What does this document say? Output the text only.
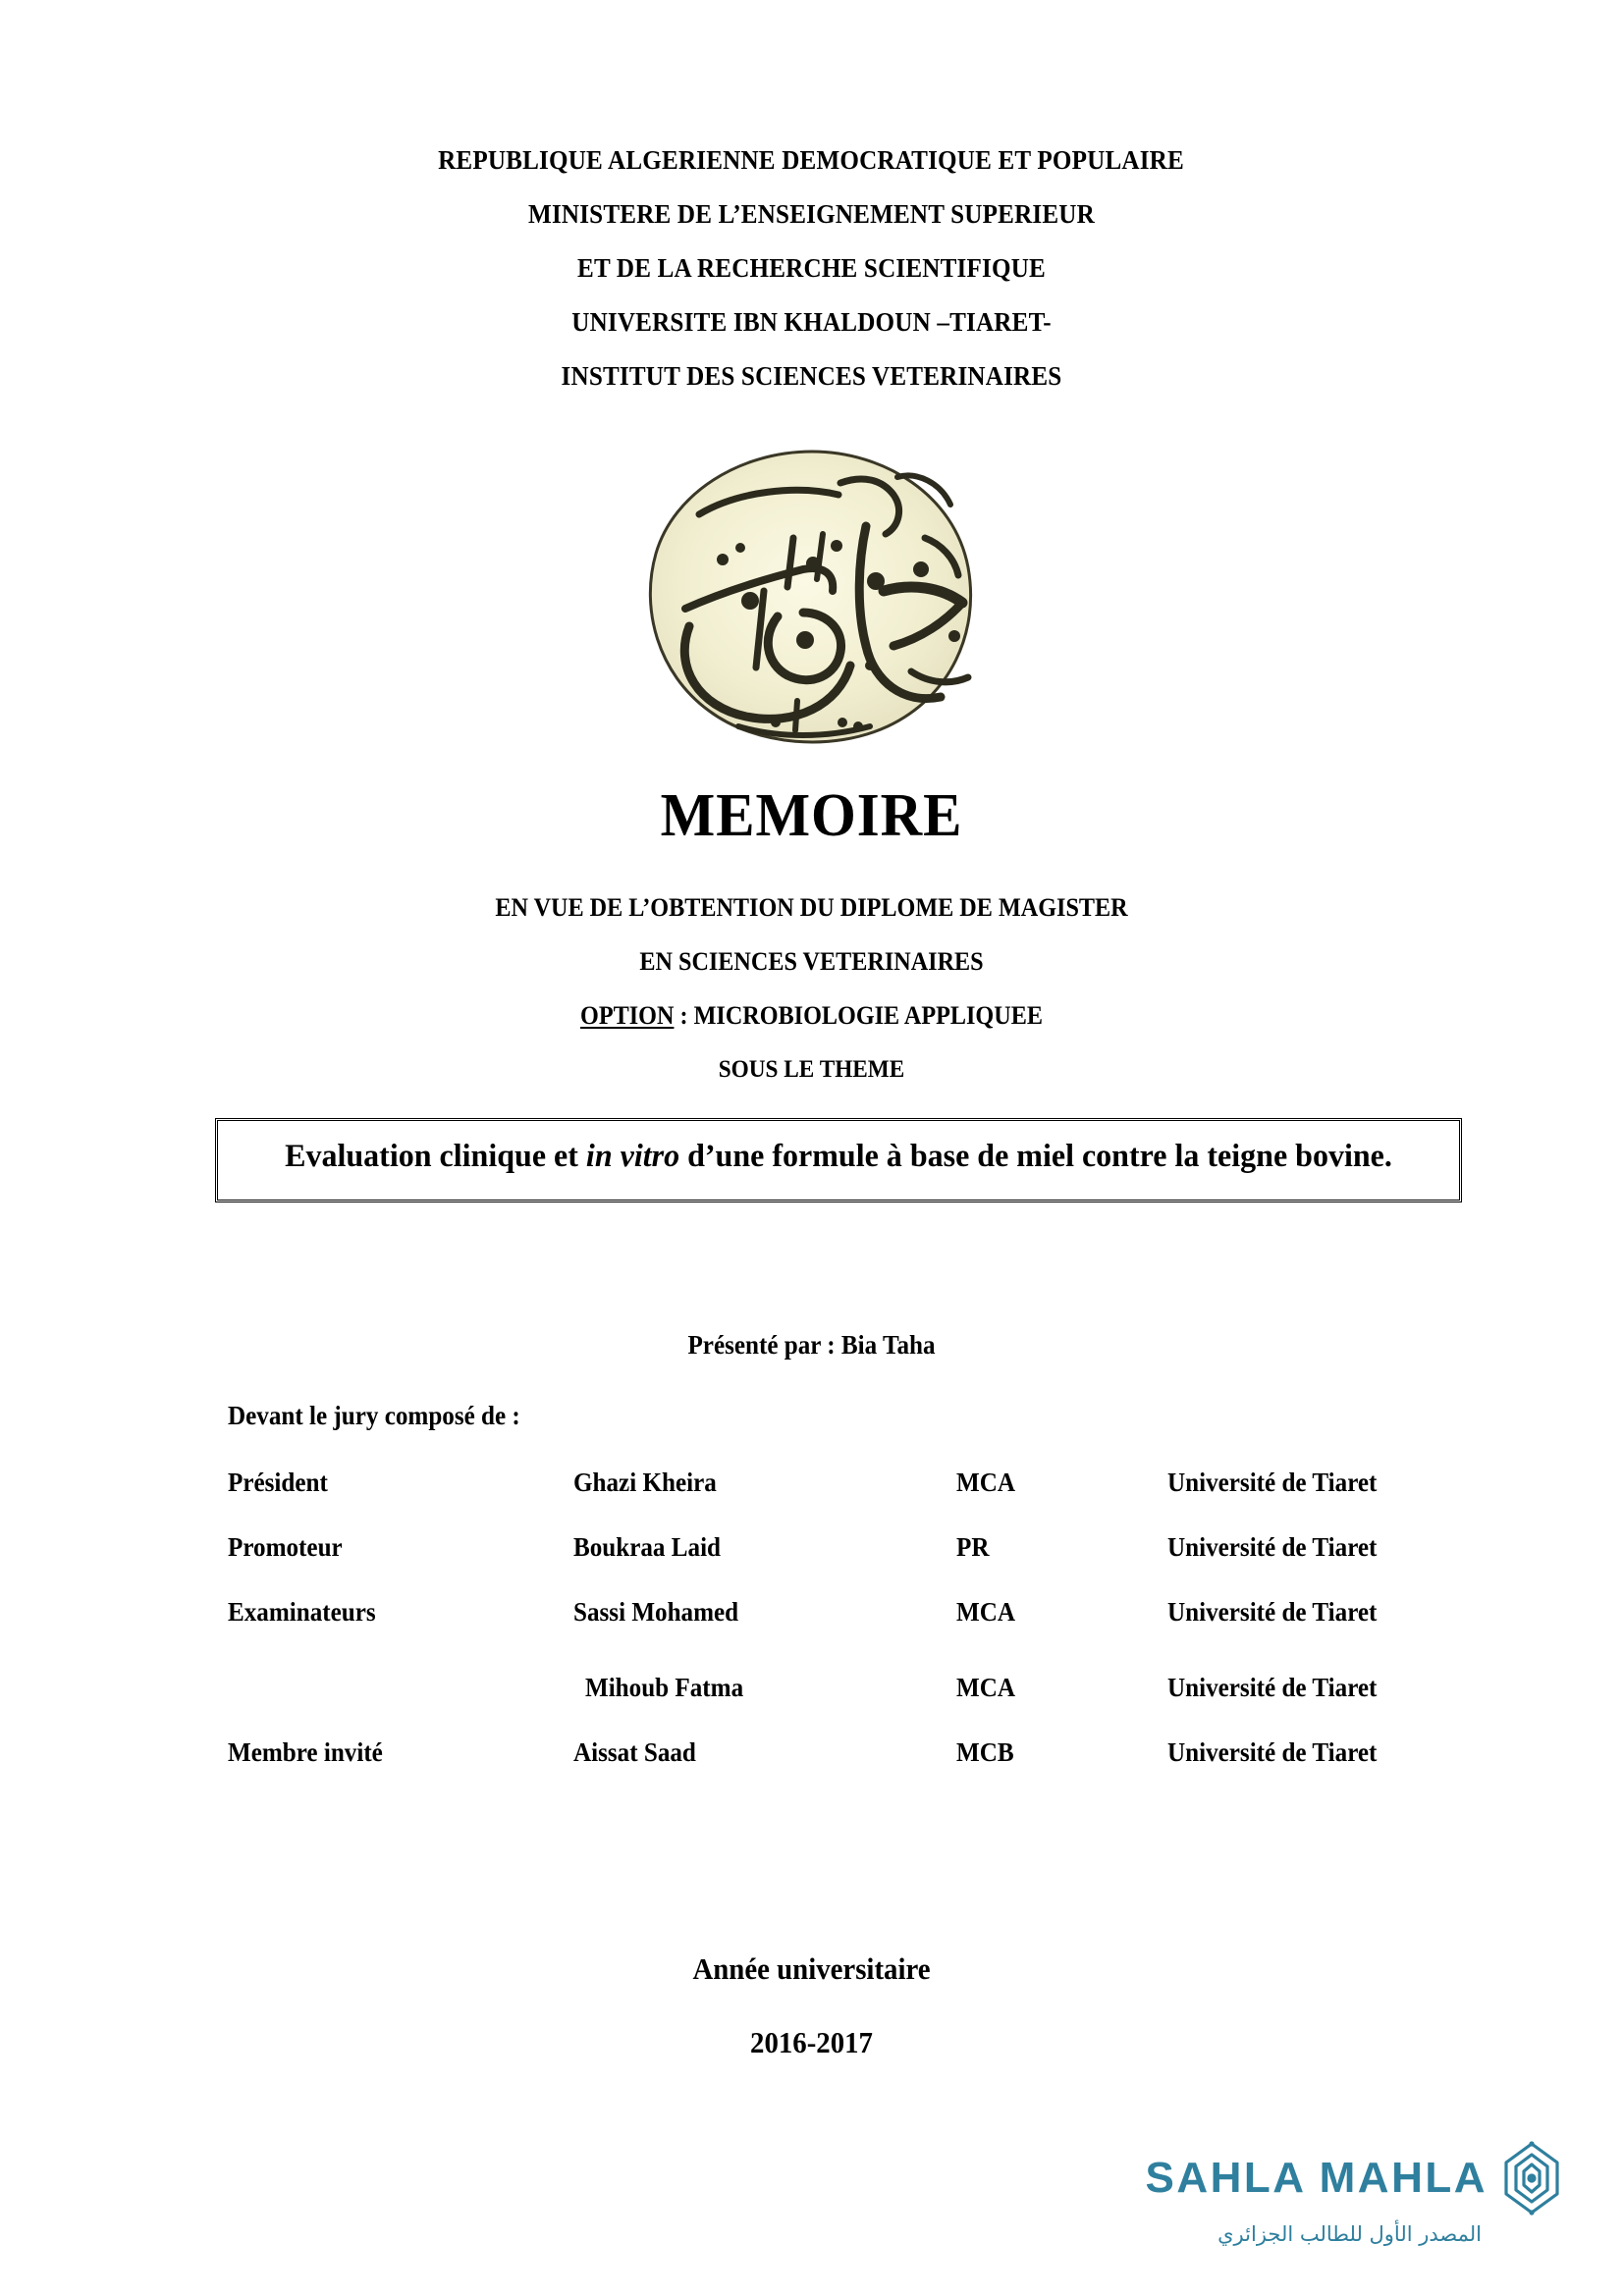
REPUBLIQUE ALGERIENNE DEMOCRATIQUE ET POPULAIRE
MINISTERE DE L’ENSEIGNEMENT SUPERIEUR
ET DE LA RECHERCHE SCIENTIFIQUE
UNIVERSITE IBN KHALDOUN –TIARET-
INSTITUT DES SCIENCES VETERINAIRES
MEMOIRE
EN VUE DE L’OBTENTION DU DIPLOME DE MAGISTER
EN SCIENCES VETERINAIRES
OPTION : MICROBIOLOGIE APPLIQUEE
SOUS LE THEME
Evaluation clinique et in vitro d’une formule à base de miel contre la teigne bovine.
Présenté par : Bia Taha
Devant le jury composé de :
Président	Ghazi Kheira	MCA	Université de Tiaret
Promoteur	Boukraa Laid	PR	Université de Tiaret
Examinateurs	Sassi Mohamed	MCA	Université de Tiaret
	Mihoub Fatma	MCA	Université de Tiaret
Membre invité	Aissat Saad	MCB	Université de Tiaret
Année universitaire
2016-2017
SAHLA MAHLA
المصدر الأول للطالب الجزائري
